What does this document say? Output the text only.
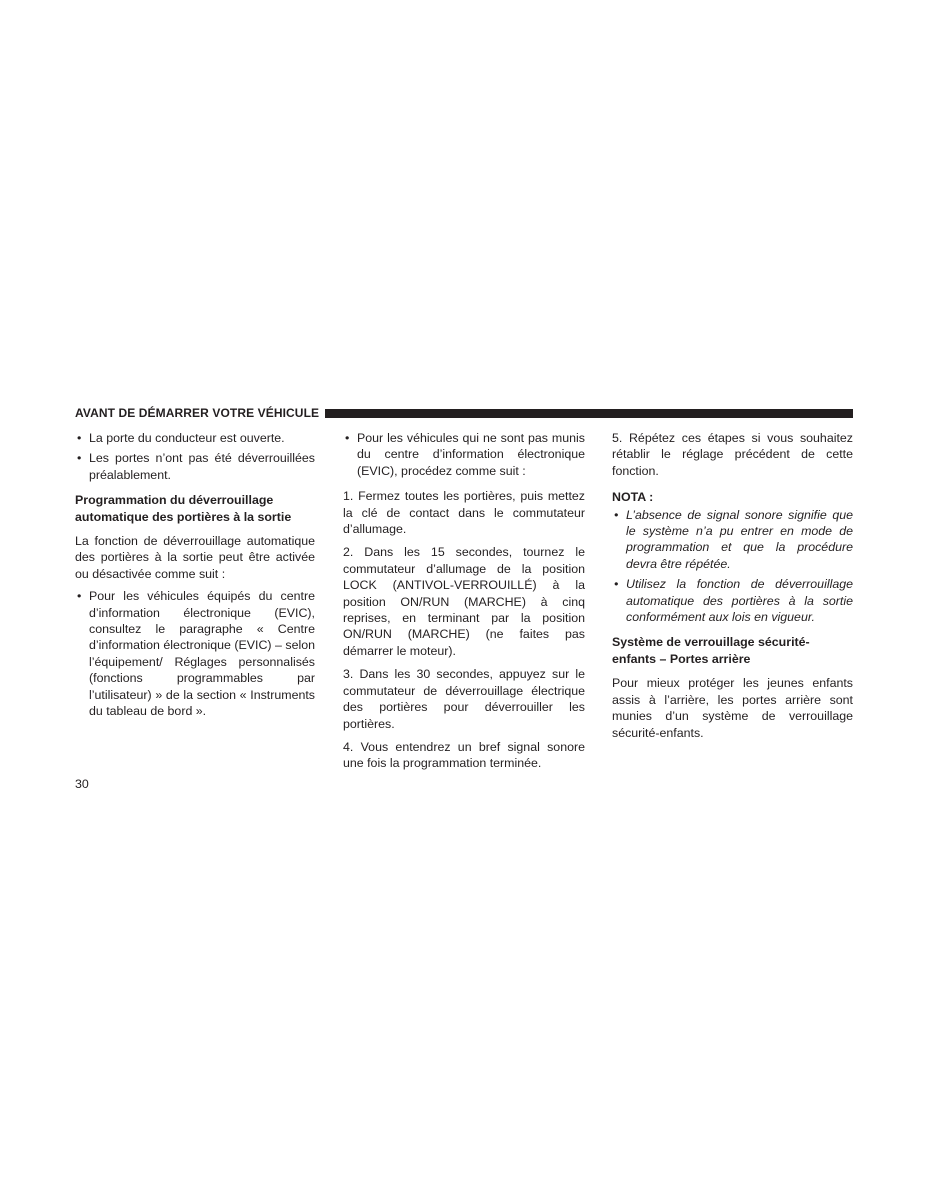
AVANT DE DÉMARRER VOTRE VÉHICULE
• La porte du conducteur est ouverte.
• Les portes n’ont pas été déverrouillées préalablement.
Programmation du déverrouillage
automatique des portières à la sortie

La fonction de déverrouillage automatique des portières à la sortie peut être activée ou désactivée comme suit :

• Pour les véhicules équipés du centre d’information électronique (EVIC), consultez le paragraphe « Centre d’information électronique (EVIC) – selon l’équipement/ Réglages personnalisés (fonctions programmables par l’utilisateur) » de la section « Instruments du tableau de bord ».
• Pour les véhicules qui ne sont pas munis du centre d’information électronique (EVIC), procédez comme suit :

1. Fermez toutes les portières, puis mettez la clé de contact dans le commutateur d’allumage.

2. Dans les 15 secondes, tournez le commutateur d’allumage de la position LOCK (ANTIVOL-VERROUILLÉ) à la position ON/RUN (MARCHE) à cinq reprises, en terminant par la position ON/RUN (MARCHE) (ne faites pas démarrer le moteur).

3. Dans les 30 secondes, appuyez sur le commutateur de déverrouillage électrique des portières pour déverrouiller les portières.

4. Vous entendrez un bref signal sonore une fois la programmation terminée.

5. Répétez ces étapes si vous souhaitez rétablir le réglage précédent de cette fonction.

NOTA :
• L’absence de signal sonore signifie que le système n’a pu entrer en mode de programmation et que la procédure devra être répétée.
• Utilisez la fonction de déverrouillage automatique des portières à la sortie conformément aux lois en vigueur.
Système de verrouillage sécurité-
enfants – Portes arrière

Pour mieux protéger les jeunes enfants assis à l’arrière, les portes arrière sont munies d’un système de verrouillage sécurité-enfants.

30
